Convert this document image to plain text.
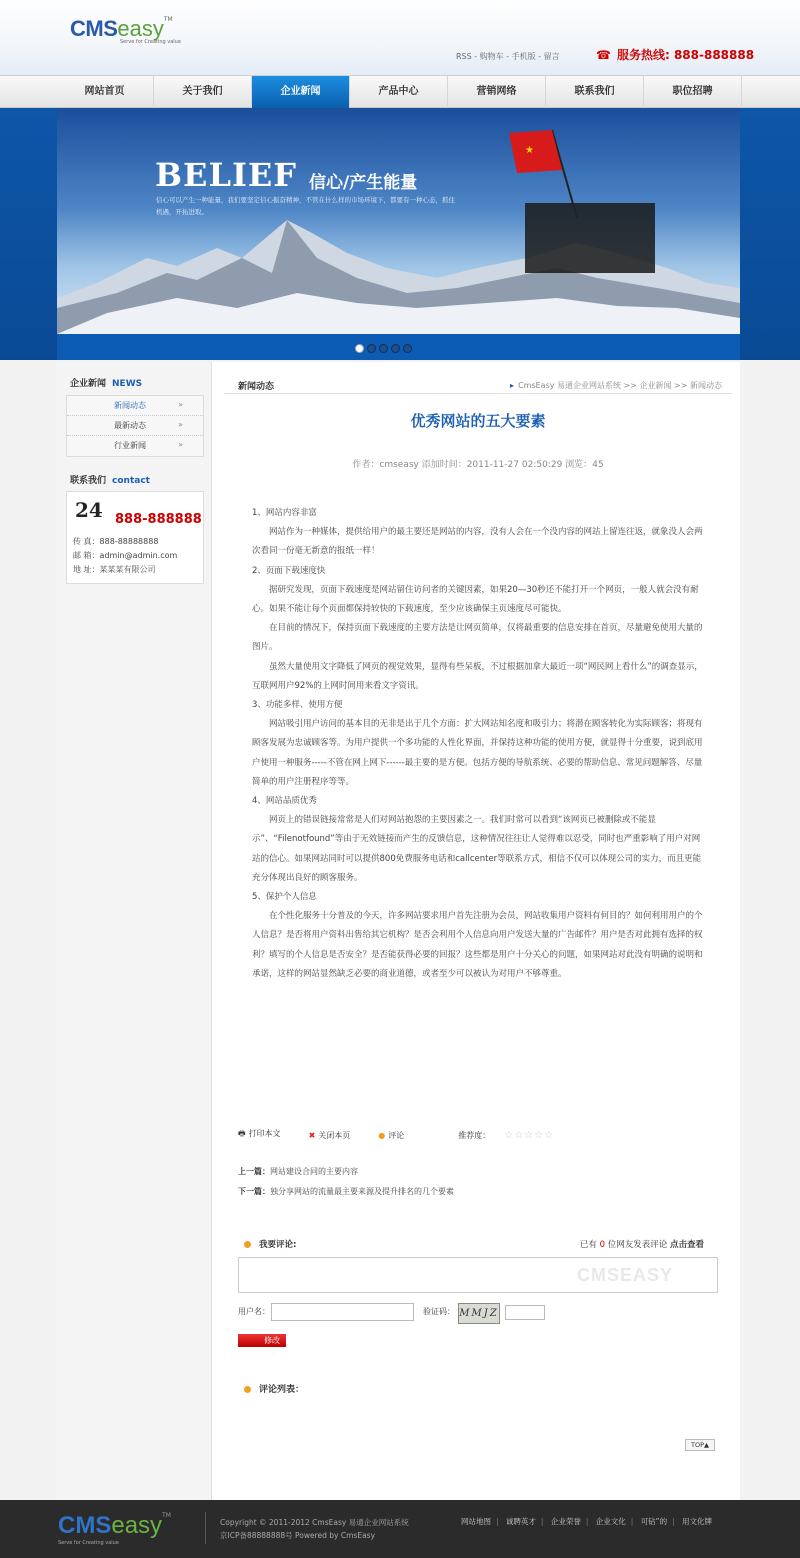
CMSeasy™
Serve for Creating value
RSS - 购物车 - 手机版 - 留言	☎ 服务热线: 888-888888
网站首页	关于我们	企业新闻	产品中心	营销网络	联系我们	职位招聘
★
BELIEF 信心/产生能量
信心可以产生一种能量，我们要坚定信心振奋精神，不管在什么样的市场环境下，都要有一种心态，抓住机遇，开拓进取。
企业新闻 NEWS
新闻动态	»
最新动态	»
行业新闻	»
联系我们 contact
24 888-888888
传 真：888-88888888
邮 箱：admin@admin.com
地 址：某某某有限公司
新闻动态	▸ CmsEasy 易通企业网站系统 >> 企业新闻 >> 新闻动态
优秀网站的五大要素
作者：cmseasy 添加时间：2011-11-27 02:50:29 浏览：45

1、网站内容非富

网站作为一种媒体，提供给用户的最主要还是网站的内容，没有人会在一个没内容的网站上留连往返，就象没人会两次看同一份毫无新意的报纸一样！

2、页面下载速度快

据研究发现，页面下载速度是网站留住访问者的关键因素，如果20—30秒还不能打开一个网页，一般人就会没有耐心。如果不能让每个页面都保持较快的下载速度，至少应该确保主页速度尽可能快。

在目前的情况下，保持页面下载速度的主要方法是让网页简单，仅将最重要的信息安排在首页，尽量避免使用大量的图片。

虽然大量使用文字降低了网页的视觉效果，显得有些呆板，不过根据加拿大最近一项“网民网上看什么”的调查显示，互联网用户92%的上网时间用来看文字资讯。

3、功能多样、使用方便

网站吸引用户访问的基本目的无非是出于几个方面：扩大网站知名度和吸引力；将潜在顾客转化为实际顾客；将现有顾客发展为忠诚顾客等。为用户提供一个多功能的人性化界面，并保持这种功能的使用方便，就显得十分重要，说到底用户使用一种服务-----不管在网上网下------最主要的是方便。包括方便的导航系统、必要的帮助信息、常见问题解答、尽量简单的用户注册程序等等。

4、网站品质优秀

网页上的错误链接常常是人们对网站抱怨的主要因素之一。我们时常可以看到“该网页已被删除或不能显示”、“Filenotfound”等由于无效链接而产生的反馈信息，这种情况往往让人觉得难以忍受，同时也严重影响了用户对网站的信心。如果网站同时可以提供800免费服务电话和callcenter等联系方式，相信不仅可以体现公司的实力，而且更能充分体现出良好的顾客服务。

5、保护个人信息

在个性化服务十分普及的今天，许多网站要求用户首先注册为会员，网站收集用户资料有何目的？如何利用用户的个人信息？是否将用户资料出售给其它机构？是否会利用个人信息向用户发送大量的广告邮件？用户是否对此拥有选择的权利？填写的个人信息是否安全？是否能获得必要的回报？这些都是用户十分关心的问题，如果网站对此没有明确的说明和承诺，这样的网站显然缺乏必要的商业道德，或者至少可以被认为对用户不够尊重。

🖶 打印本文	✖ 关闭本页	● 评论	推荐度： ☆☆☆☆☆
上一篇：网站建设合同的主要内容
下一篇：独分享网站的流量最主要来源及提升排名的几个要素
我要评论:	已有 0 位网友发表评论 点击查看
CMSEASY
用户名：	验证码： MMJZ
修改
评论列表：
TOP▲
CMSeasy™
Serve for Creating value
Copyright © 2011-2012 CmsEasy 易通企业网站系统
京ICP备88888888号 Powered by CmsEasy
网站地图 | 诚聘英才 | 企业荣誉 | 企业文化 | 可钻”的 | 用文化牌
